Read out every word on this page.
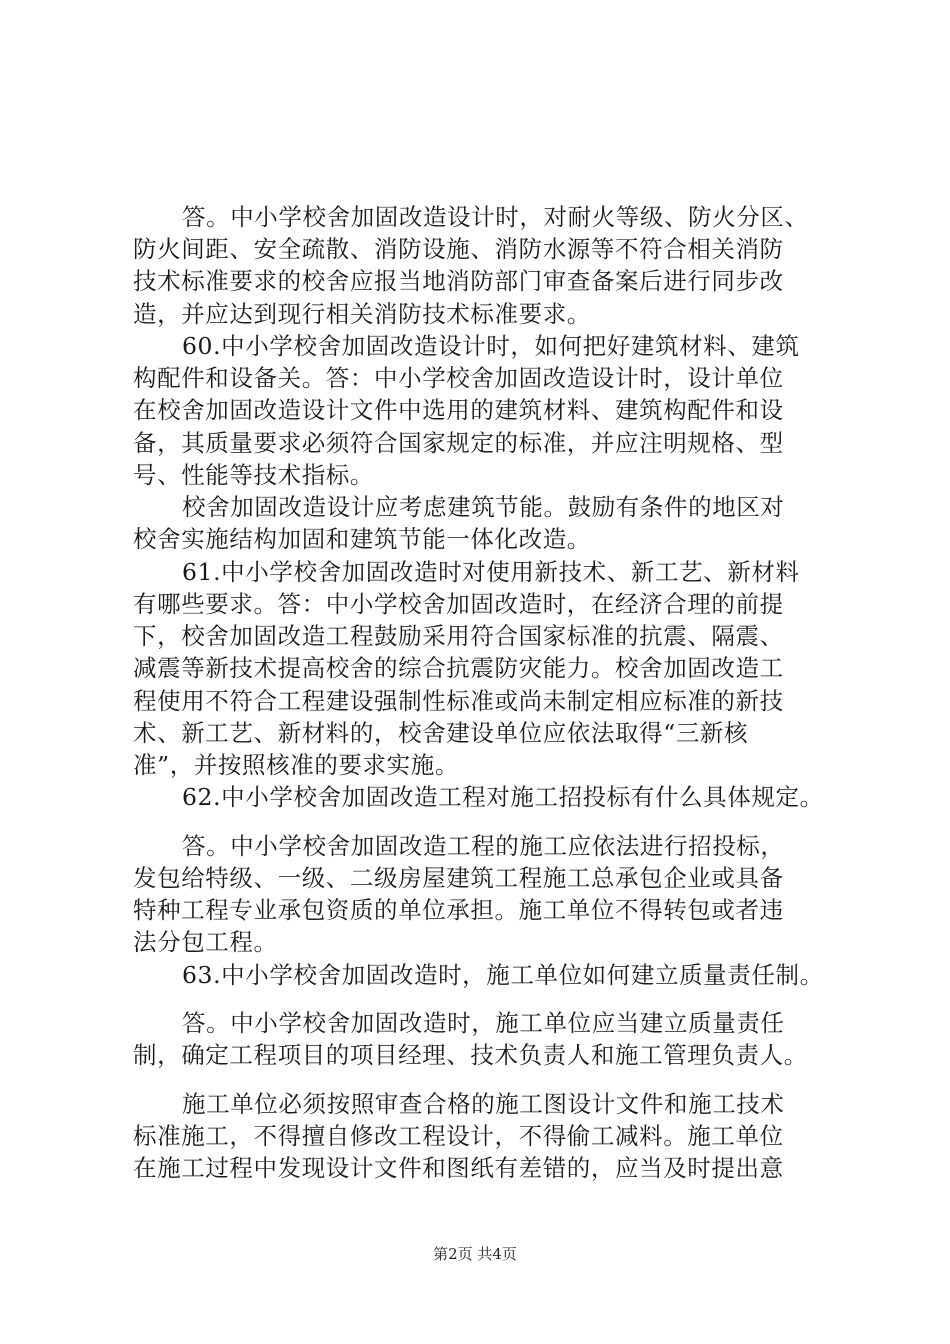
答。中小学校舍加固改造设计时，对耐火等级、防火分区、
防火间距、安全疏散、消防设施、消防水源等不符合相关消防
技术标准要求的校舍应报当地消防部门审查备案后进行同步改
造，并应达到现行相关消防技术标准要求。
60.中小学校舍加固改造设计时，如何把好建筑材料、建筑
构配件和设备关。答：中小学校舍加固改造设计时，设计单位
在校舍加固改造设计文件中选用的建筑材料、建筑构配件和设
备，其质量要求必须符合国家规定的标准，并应注明规格、型
号、性能等技术指标。
校舍加固改造设计应考虑建筑节能。鼓励有条件的地区对
校舍实施结构加固和建筑节能一体化改造。
61.中小学校舍加固改造时对使用新技术、新工艺、新材料
有哪些要求。答：中小学校舍加固改造时，在经济合理的前提
下，校舍加固改造工程鼓励采用符合国家标准的抗震、隔震、
减震等新技术提高校舍的综合抗震防灾能力。校舍加固改造工
程使用不符合工程建设强制性标准或尚未制定相应标准的新技
术、新工艺、新材料的，校舍建设单位应依法取得“三新核
准”，并按照核准的要求实施。
62.中小学校舍加固改造工程对施工招投标有什么具体规定。
答。中小学校舍加固改造工程的施工应依法进行招投标，
发包给特级、一级、二级房屋建筑工程施工总承包企业或具备
特种工程专业承包资质的单位承担。施工单位不得转包或者违
法分包工程。
63.中小学校舍加固改造时，施工单位如何建立质量责任制。
答。中小学校舍加固改造时，施工单位应当建立质量责任
制，确定工程项目的项目经理、技术负责人和施工管理负责人。
施工单位必须按照审查合格的施工图设计文件和施工技术
标准施工，不得擅自修改工程设计，不得偷工减料。施工单位
在施工过程中发现设计文件和图纸有差错的，应当及时提出意
第2页 共4页
